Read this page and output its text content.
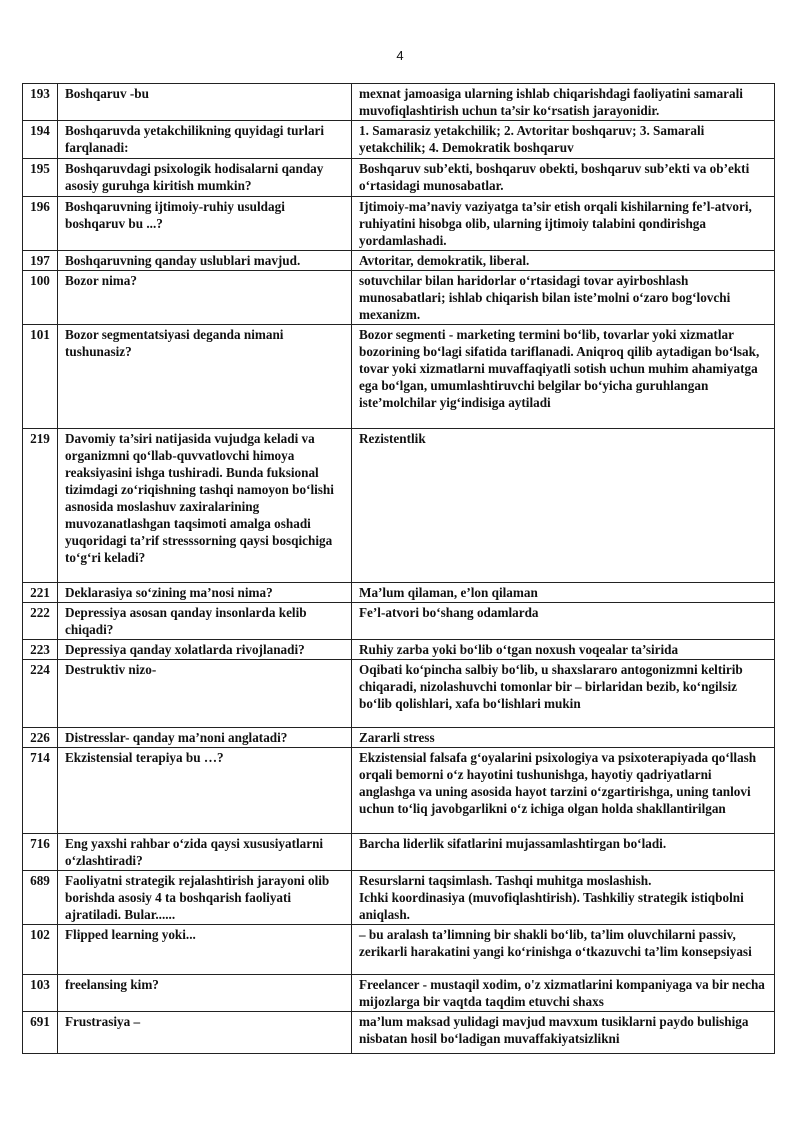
4
193	Boshqaruv -bu	mexnat jamoasiga ularning ishlab chiqarishdagi faoliyatini samarali muvofiqlashtirish uchun ta’sir ko‘rsatish jarayonidir.
194	Boshqaruvda yetakchilikning quyidagi turlari farqlanadi:	1. Samarasiz yetakchilik; 2. Avtoritar boshqaruv; 3. Samarali yetakchilik; 4. Demokratik boshqaruv
195	Boshqaruvdagi psixologik hodisalarni qanday asosiy guruhga kiritish mumkin?	Boshqaruv sub’ekti, boshqaruv obekti, boshqaruv sub’ekti va ob’ekti o‘rtasidagi munosabatlar.
196	Boshqaruvning ijtimoiy-ruhiy usuldagi boshqaruv bu ...?	Ijtimoiy-ma’naviy vaziyatga ta’sir etish orqali kishilarning fe’l-atvori, ruhiyatini hisobga olib, ularning ijtimoiy talabini qondirishga yordamlashadi.
197	Boshqaruvning qanday uslublari mavjud.	Avtoritar, demokratik, liberal.
100	Bozor nima?	sotuvchilar bilan haridorlar o‘rtasidagi tovar ayirboshlash munosabatlari; ishlab chiqarish bilan iste’molni o‘zaro bog‘lovchi mexanizm.
101	Bozor segmentatsiyasi deganda nimani tushunasiz?	Bozor segmenti - marketing termini bo‘lib, tovarlar yoki xizmatlar bozorining bo‘lagi sifatida tariflanadi. Aniqroq qilib aytadigan bo‘lsak, tovar yoki xizmatlarni muvaffaqiyatli sotish uchun muhim ahamiyatga ega bo‘lgan, umumlashtiruvchi belgilar bo‘yicha guruhlangan iste’molchilar yig‘indisiga aytiladi
219	Davomiy ta’siri natijasida vujudga keladi va organizmni qo‘llab-quvvatlovchi himoya reaksiyasini ishga tushiradi. Bunda fuksional tizimdagi zo‘riqishning tashqi namoyon bo‘lishi asnosida moslashuv zaxiralarining muvozanatlashgan taqsimoti amalga oshadi yuqoridagi ta’rif stresssorning qaysi bosqichiga to‘g‘ri keladi?	Rezistentlik
221	Deklarasiya so‘zining ma’nosi nima?	Ma’lum qilaman, e’lon qilaman
222	Depressiya asosan qanday insonlarda kelib chiqadi?	Fe’l-atvori bo‘shang odamlarda
223	Depressiya qanday xolatlarda rivojlanadi?	Ruhiy zarba yoki bo‘lib o‘tgan noxush voqealar ta’sirida
224	Destruktiv nizo-	Oqibati ko‘pincha salbiy bo‘lib, u shaxslararo antogonizmni keltirib chiqaradi, nizolashuvchi tomonlar bir – birlaridan bezib, ko‘ngilsiz bo‘lib qolishlari, xafa bo‘lishlari mukin
226	Distresslar- qanday ma’noni anglatadi?	Zararli stress
714	Ekzistensial terapiya bu …?	Ekzistensial falsafa g‘oyalarini psixologiya va psixoterapiyada qo‘llash orqali bemorni o‘z hayotini tushunishga, hayotiy qadriyatlarni anglashga va uning asosida hayot tarzini o‘zgartirishga, uning tanlovi uchun to‘liq javobgarlikni o‘z ichiga olgan holda shakllantirilgan
716	Eng yaxshi rahbar o‘zida qaysi xususiyatlarni o‘zlashtiradi?	Barcha liderlik sifatlarini mujassamlashtirgan bo‘ladi.
689	Faoliyatni strategik rejalashtirish jarayoni olib borishda asosiy 4 ta boshqarish faoliyati ajratiladi. Bular......	Resurslarni taqsimlash. Tashqi muhitga moslashish.
Ichki koordinasiya (muvofiqlashtirish). Tashkiliy strategik istiqbolni aniqlash.
102	Flipped learning yoki...	– bu aralash ta’limning bir shakli bo‘lib, ta’lim oluvchilarni passiv, zerikarli harakatini yangi ko‘rinishga o‘tkazuvchi ta’lim konsepsiyasi
103	freelansing kim?	Freelancer - mustaqil xodim, o'z xizmatlarini kompaniyaga va bir necha mijozlarga bir vaqtda taqdim etuvchi shaxs
691	Frustrasiya –	ma’lum maksad yulidagi mavjud mavxum tusiklarni paydo bulishiga nisbatan hosil bo‘ladigan muvaffakiyatsizlikni
